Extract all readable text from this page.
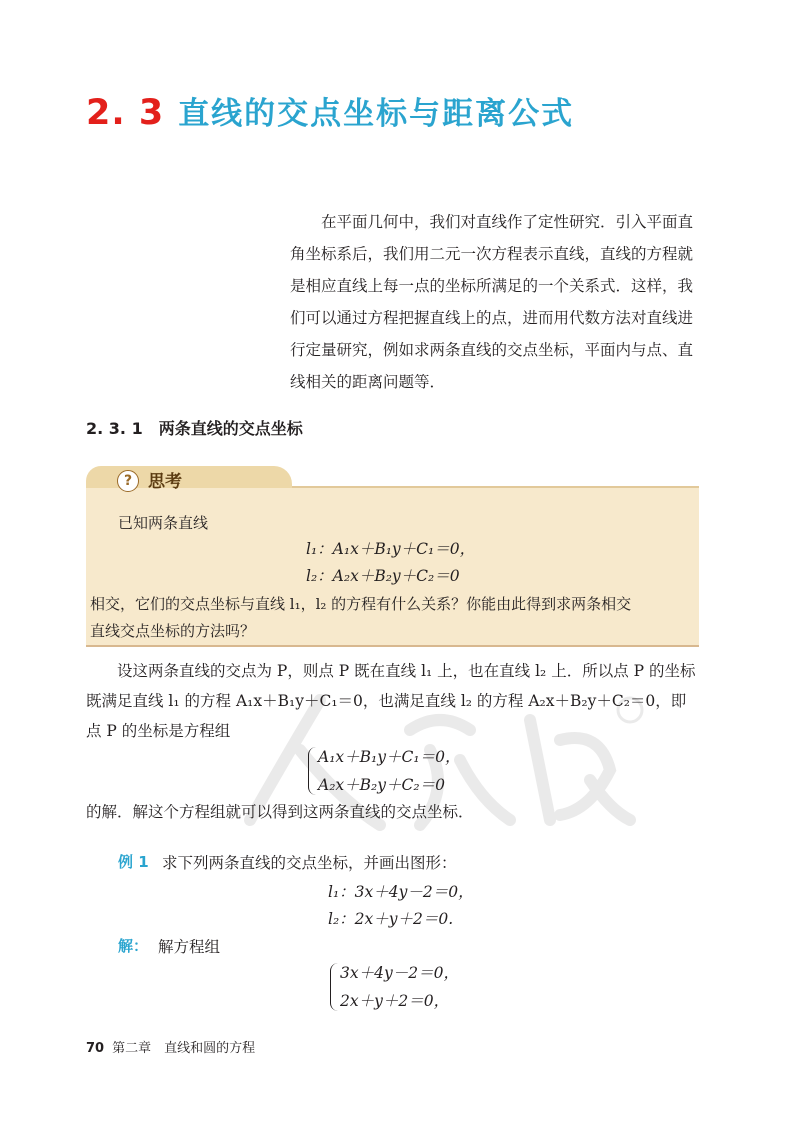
2. 3 直线的交点坐标与距离公式

在平面几何中，我们对直线作了定性研究．引入平面直
角坐标系后，我们用二元一次方程表示直线，直线的方程就
是相应直线上每一点的坐标所满足的一个关系式．这样，我
们可以通过方程把握直线上的点，进而用代数方法对直线进
行定量研究，例如求两条直线的交点坐标，平面内与点、直
线相关的距离问题等．

2. 3. 1　两条直线的交点坐标
? 思考
已知两条直线
l₁：A₁x＋B₁y＋C₁＝0，
l₂：A₂x＋B₂y＋C₂＝0
相交，它们的交点坐标与直线 l₁，l₂ 的方程有什么关系？你能由此得到求两条相交
直线交点坐标的方法吗？

　　设这两条直线的交点为 P，则点 P 既在直线 l₁ 上，也在直线 l₂ 上．所以点 P 的坐标
既满足直线 l₁ 的方程 A₁x＋B₁y＋C₁＝0，也满足直线 l₂ 的方程 A₂x＋B₂y＋C₂＝0，即
点 P 的坐标是方程组

A₁x＋B₁y＋C₁＝0，
A₂x＋B₂y＋C₂＝0
的解．解这个方程组就可以得到这两条直线的交点坐标．
例 1 求下列两条直线的交点坐标，并画出图形：
l₁：3x＋4y－2＝0，
l₂：2x＋y＋2＝0.
解： 解方程组
3x＋4y－2＝0，
2x＋y＋2＝0，
70 第二章　直线和圆的方程
